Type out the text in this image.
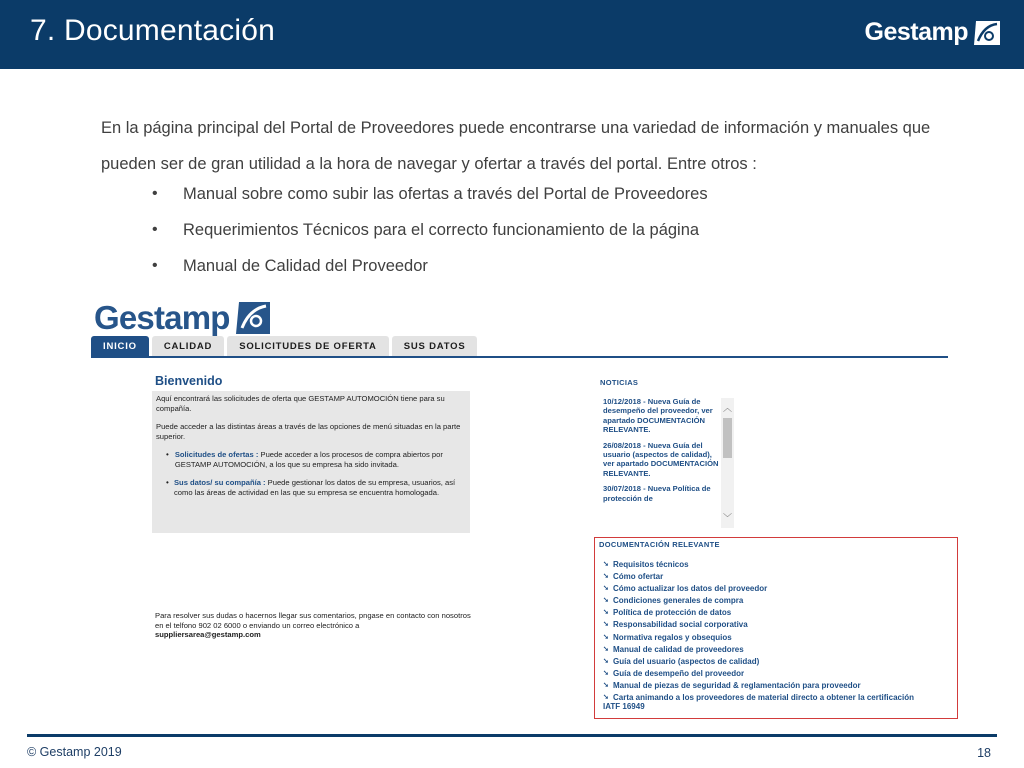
7. Documentación	Gestamp
En la página principal del Portal de Proveedores puede encontrarse una variedad de información y manuales que pueden ser de gran utilidad a la hora de navegar y ofertar a través del portal. Entre otros :
•	Manual sobre como subir las ofertas a través del Portal de Proveedores
•	Requerimientos Técnicos para el correcto funcionamiento de la página
•	Manual de Calidad del Proveedor
Gestamp
INICIO	CALIDAD	SOLICITUDES DE OFERTA	SUS DATOS
Bienvenido

Aquí encontrará las solicitudes de oferta que GESTAMP AUTOMOCIÓN tiene para su compañía.

Puede acceder a las distintas áreas a través de las opciones de menú situadas en la parte superior.

• Solicitudes de ofertas : Puede acceder a los procesos de compra abiertos por GESTAMP AUTOMOCIÓN, a los que su empresa ha sido invitada.
• Sus datos/ su compañía : Puede gestionar los datos de su empresa, usuarios, así como las áreas de actividad en las que su empresa se encuentra homologada.
Para resolver sus dudas o hacernos llegar sus comentarios, pngase en contacto con nosotros en el telfono 902 02 6000 o enviando un correo electrónico a
suppliersarea@gestamp.com
NOTICIAS
10/12/2018 - Nueva Guía de desempeño del proveedor, ver apartado DOCUMENTACIÓN RELEVANTE.
26/08/2018 - Nueva Guía del usuario (aspectos de calidad), ver apartado DOCUMENTACIÓN RELEVANTE.
30/07/2018 - Nueva Política de protección de
︿
﹀
DOCUMENTACIÓN RELEVANTE
➘ Requisitos técnicos
➘ Cómo ofertar
➘ Cómo actualizar los datos del proveedor
➘ Condiciones generales de compra
➘ Política de protección de datos
➘ Responsabilidad social corporativa
➘ Normativa regalos y obsequios
➘ Manual de calidad de proveedores
➘ Guía del usuario (aspectos de calidad)
➘ Guía de desempeño del proveedor
➘ Manual de piezas de seguridad & reglamentación para proveedor
➘ Carta animando a los proveedores de material directo a obtener la certificación
IATF 16949
© Gestamp 2019	18
